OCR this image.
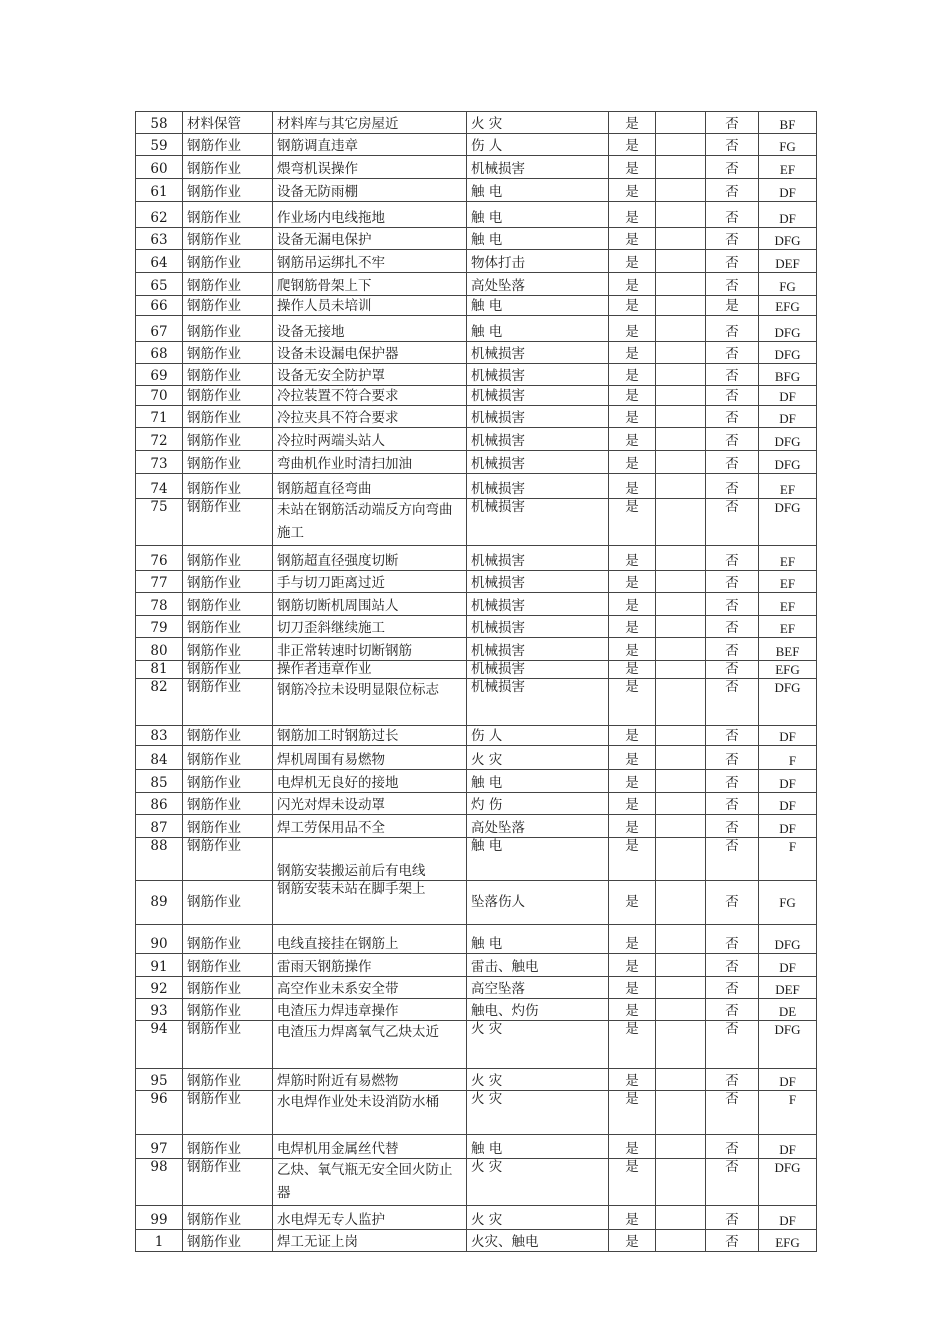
58	材料保管	材料库与其它房屋近	火 灾	是		否	BF
59	钢筋作业	钢筋调直违章	伤 人	是		否	FG
60	钢筋作业	煨弯机误操作	机械损害	是		否	EF
61	钢筋作业	设备无防雨棚	触 电	是		否	DF
62	钢筋作业	作业场内电线拖地	触 电	是		否	DF
63	钢筋作业	设备无漏电保护	触 电	是		否	DFG
64	钢筋作业	钢筋吊运绑扎不牢	物体打击	是		否	DEF
65	钢筋作业	爬钢筋骨架上下	高处坠落	是		否	FG
66	钢筋作业	操作人员未培训	触 电	是		是	EFG
67	钢筋作业	设备无接地	触 电	是		否	DFG
68	钢筋作业	设备未设漏电保护器	机械损害	是		否	DFG
69	钢筋作业	设备无安全防护罩	机械损害	是		否	BFG
70	钢筋作业	冷拉装置不符合要求	机械损害	是		否	DF
71	钢筋作业	冷拉夹具不符合要求	机械损害	是		否	DF
72	钢筋作业	冷拉时两端头站人	机械损害	是		否	DFG
73	钢筋作业	弯曲机作业时清扫加油	机械损害	是		否	DFG
74	钢筋作业	钢筋超直径弯曲	机械损害	是		否	EF
75	钢筋作业	未站在钢筋活动端反方向弯曲施工	机械损害	是		否	DFG
76	钢筋作业	钢筋超直径强度切断	机械损害	是		否	EF
77	钢筋作业	手与切刀距离过近	机械损害	是		否	EF
78	钢筋作业	钢筋切断机周围站人	机械损害	是		否	EF
79	钢筋作业	切刀歪斜继续施工	机械损害	是		否	EF
80	钢筋作业	非正常转速时切断钢筋	机械损害	是		否	BEF
81	钢筋作业	操作者违章作业	机械损害	是		否	EFG
82	钢筋作业	钢筋冷拉未设明显限位标志	机械损害	是		否	DFG
83	钢筋作业	钢筋加工时钢筋过长	伤 人	是		否	DF
84	钢筋作业	焊机周围有易燃物	火 灾	是		否	F
85	钢筋作业	电焊机无良好的接地	触 电	是		否	DF
86	钢筋作业	闪光对焊未设动罩	灼 伤	是		否	DF
87	钢筋作业	焊工劳保用品不全	高处坠落	是		否	DF
88	钢筋作业	钢筋安装搬运前后有电线	触 电	是		否	F
89	钢筋作业	钢筋安装未站在脚手架上	坠落伤人	是		否	FG
90	钢筋作业	电线直接挂在钢筋上	触 电	是		否	DFG
91	钢筋作业	雷雨天钢筋操作	雷击、触电	是		否	DF
92	钢筋作业	高空作业未系安全带	高空坠落	是		否	DEF
93	钢筋作业	电渣压力焊违章操作	触电、灼伤	是		否	DE
94	钢筋作业	电渣压力焊离氧气乙炔太近	火 灾	是		否	DFG
95	钢筋作业	焊筋时附近有易燃物	火 灾	是		否	DF
96	钢筋作业	水电焊作业处未设消防水桶	火 灾	是		否	F
97	钢筋作业	电焊机用金属丝代替	触 电	是		否	DF
98	钢筋作业	乙炔、氧气瓶无安全回火防止器	火 灾	是		否	DFG
99	钢筋作业	水电焊无专人监护	火 灾	是		否	DF
1	钢筋作业	焊工无证上岗	火灾、触电	是		否	EFG
